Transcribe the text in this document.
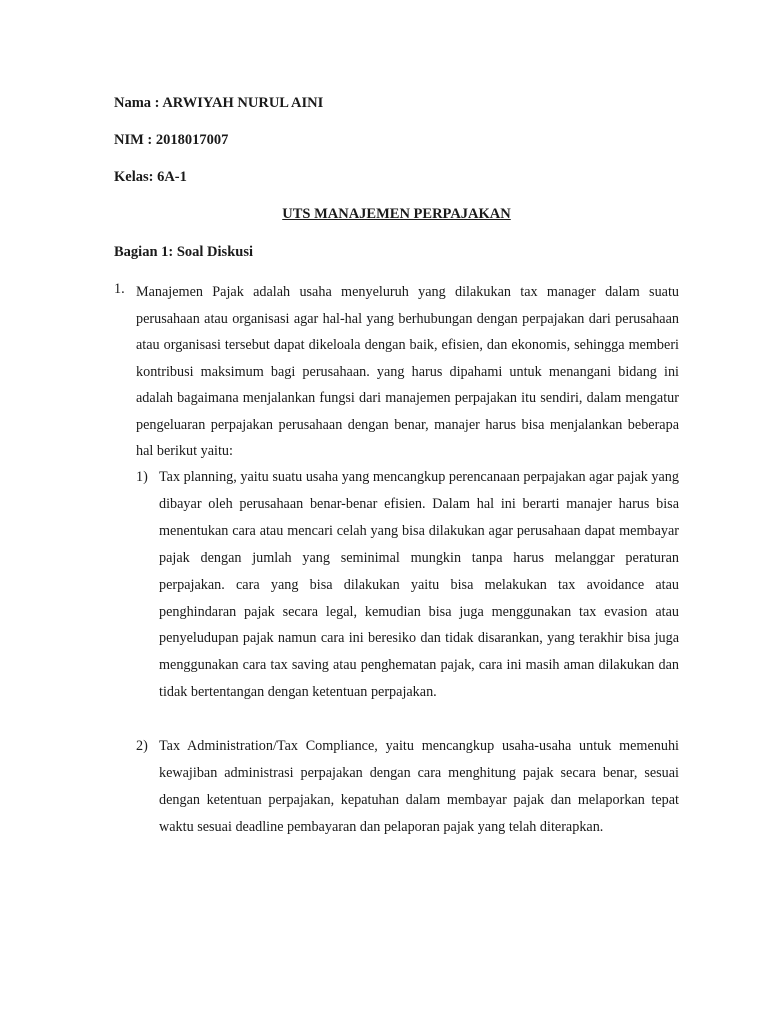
Nama : ARWIYAH NURUL AINI
NIM : 2018017007
Kelas: 6A-1
UTS MANAJEMEN PERPAJAKAN
Bagian 1: Soal Diskusi
1. Manajemen Pajak adalah usaha menyeluruh yang dilakukan tax manager dalam suatu perusahaan atau organisasi agar hal-hal yang berhubungan dengan perpajakan dari perusahaan atau organisasi tersebut dapat dikeloala dengan baik, efisien, dan ekonomis, sehingga memberi kontribusi maksimum bagi perusahaan. yang harus dipahami untuk menangani bidang ini adalah bagaimana menjalankan fungsi dari manajemen perpajakan itu sendiri, dalam mengatur pengeluaran perpajakan perusahaan dengan benar, manajer harus bisa menjalankan beberapa hal berikut yaitu:
1) Tax planning, yaitu suatu usaha yang mencangkup perencanaan perpajakan agar pajak yang dibayar oleh perusahaan benar-benar efisien. Dalam hal ini berarti manajer harus bisa menentukan cara atau mencari celah yang bisa dilakukan agar perusahaan dapat membayar pajak dengan jumlah yang seminimal mungkin tanpa harus melanggar peraturan perpajakan. cara yang bisa dilakukan yaitu bisa melakukan tax avoidance atau penghindaran pajak secara legal, kemudian bisa juga menggunakan tax evasion atau penyeludupan pajak namun cara ini beresiko dan tidak disarankan, yang terakhir bisa juga menggunakan cara tax saving atau penghematan pajak, cara ini masih aman dilakukan dan tidak bertentangan dengan ketentuan perpajakan.
2) Tax Administration/Tax Compliance, yaitu mencangkup usaha-usaha untuk memenuhi kewajiban administrasi perpajakan dengan cara menghitung pajak secara benar, sesuai dengan ketentuan perpajakan, kepatuhan dalam membayar pajak dan melaporkan tepat waktu sesuai deadline pembayaran dan pelaporan pajak yang telah diterapkan.
